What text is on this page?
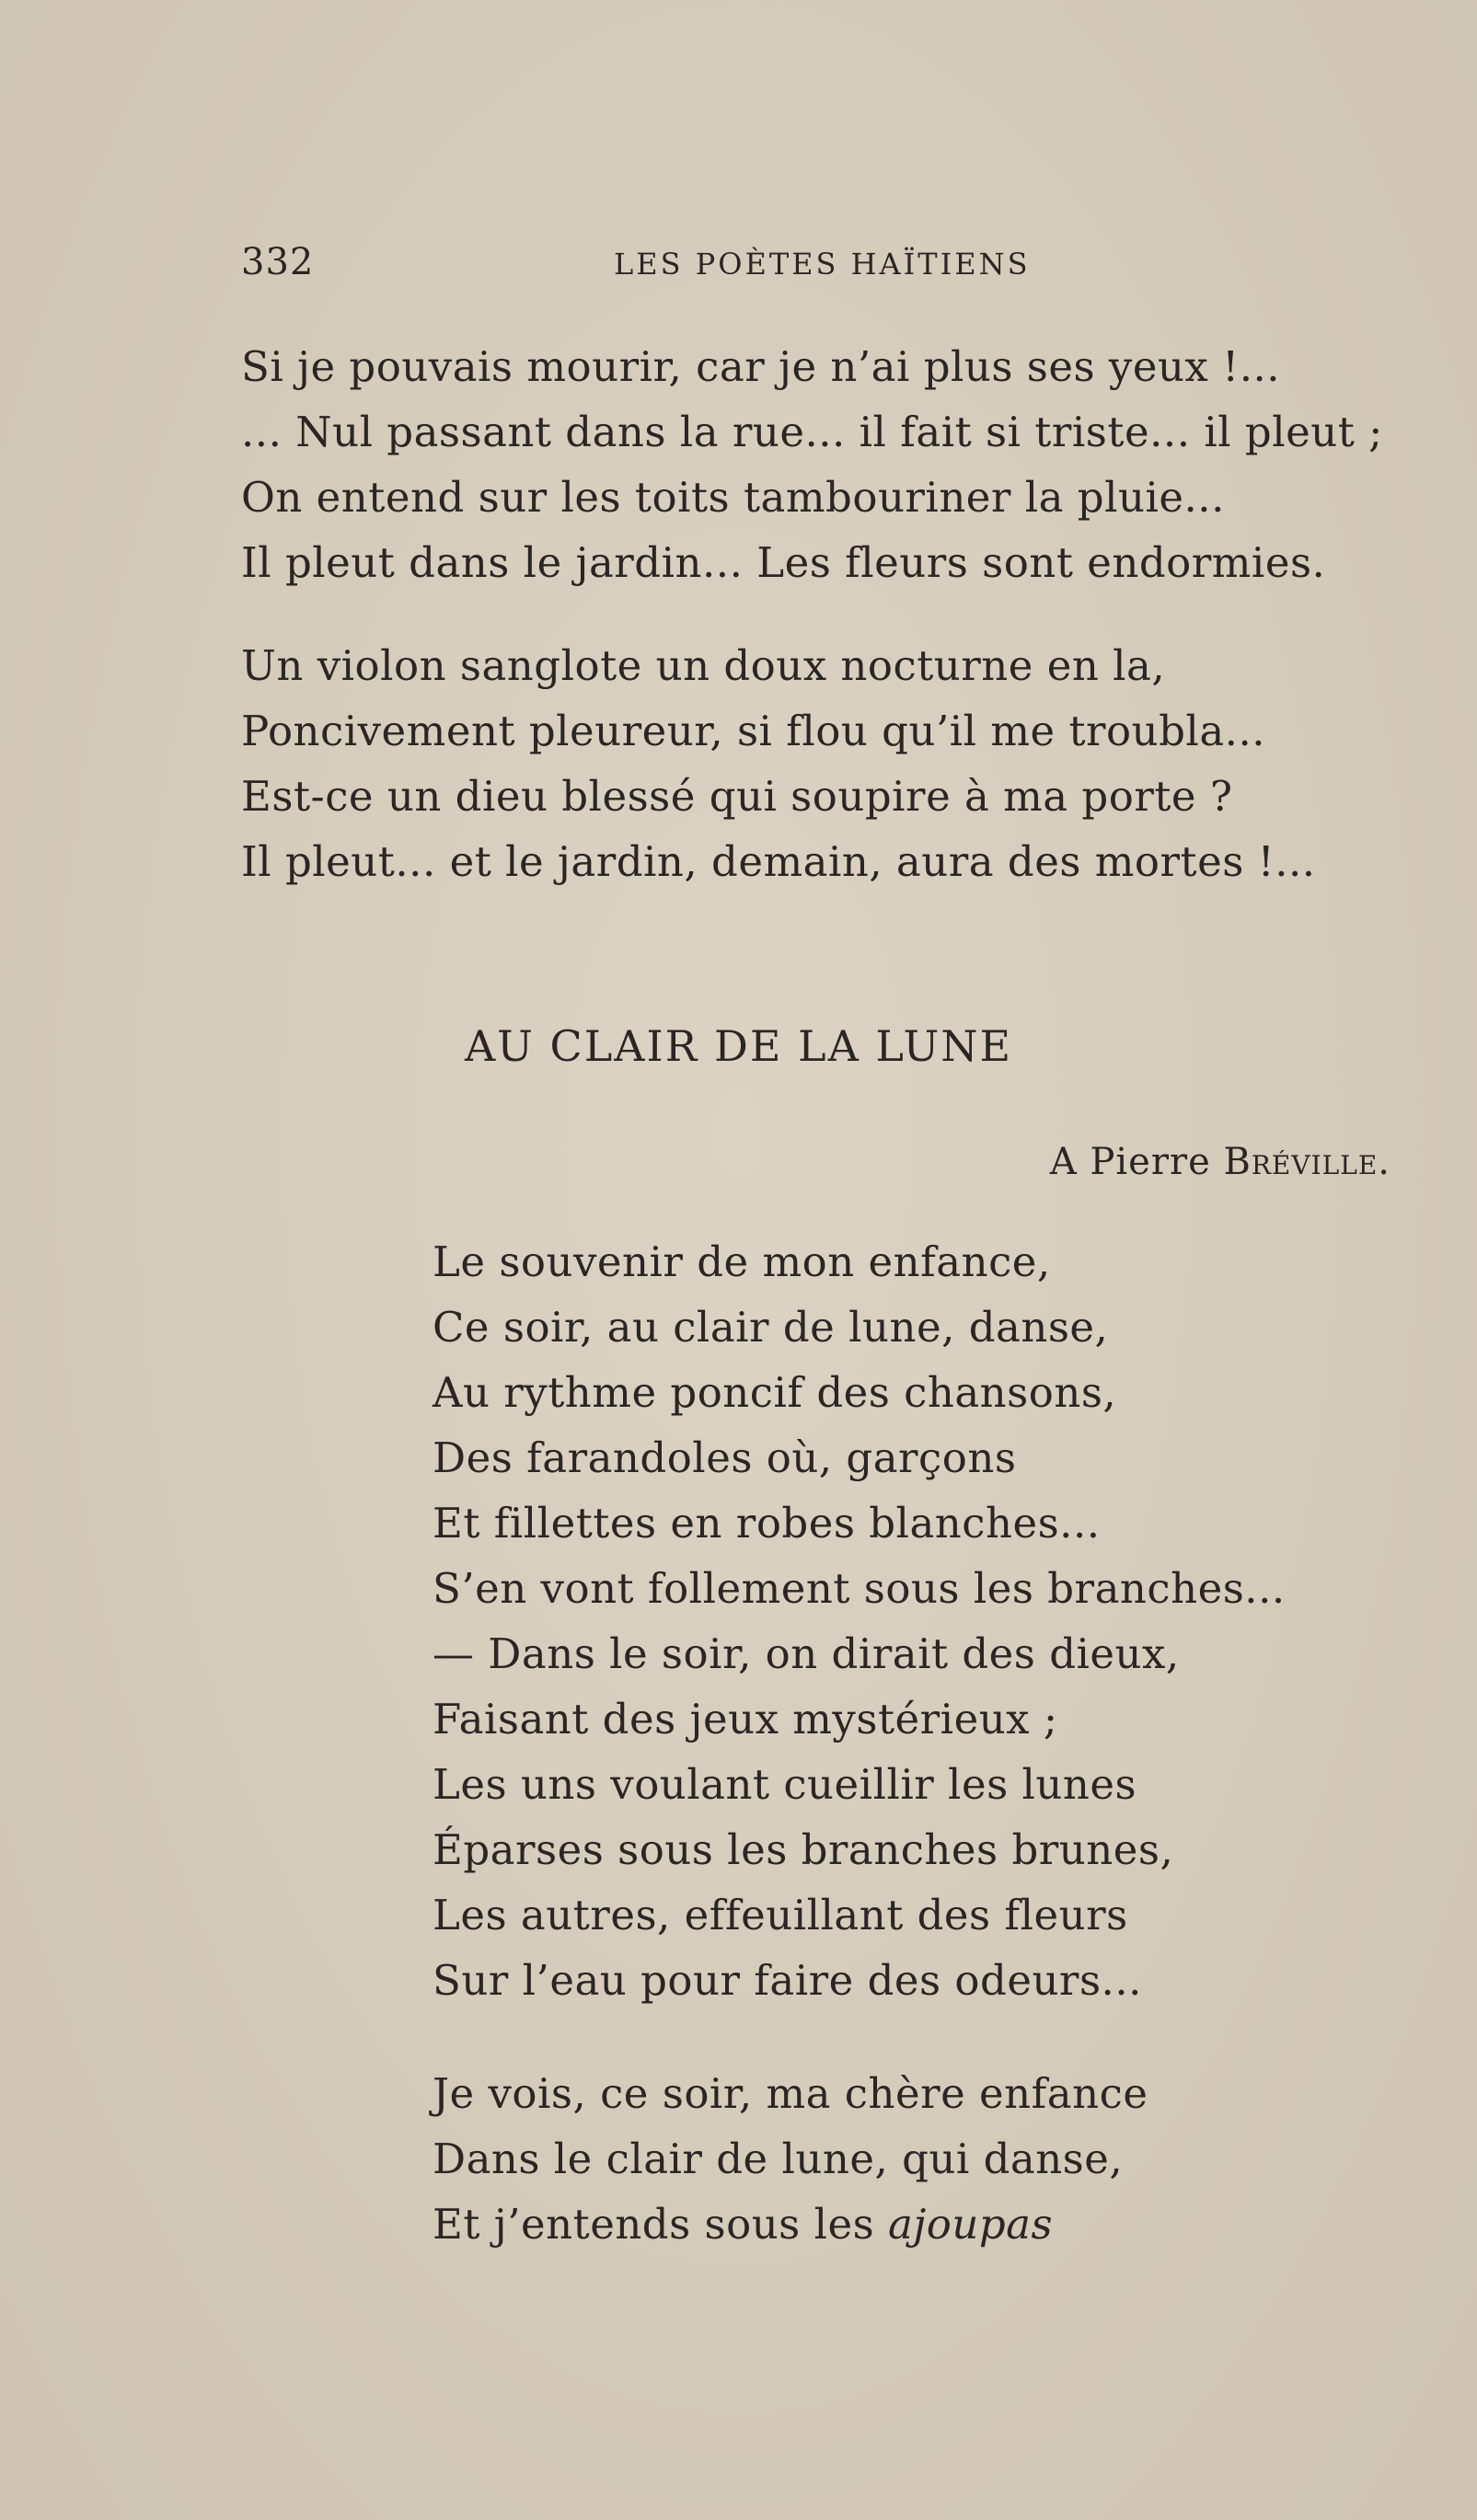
332	LES POÈTES HAÏTIENS
Si je pouvais mourir, car je n’ai plus ses yeux !...
... Nul passant dans la rue... il fait si triste... il pleut ;
On entend sur les toits tambouriner la pluie...
Il pleut dans le jardin... Les fleurs sont endormies.
Un violon sanglote un doux nocturne en la,
Poncivement pleureur, si flou qu’il me troubla...
Est-ce un dieu blessé qui soupire à ma porte ?
Il pleut... et le jardin, demain, aura des mortes !...
AU CLAIR DE LA LUNE
A Pierre Bréville.
Le souvenir de mon enfance,
Ce soir, au clair de lune, danse,
Au rythme poncif des chansons,
Des farandoles où, garçons
Et fillettes en robes blanches...
S’en vont follement sous les branches...
— Dans le soir, on dirait des dieux,
Faisant des jeux mystérieux ;
Les uns voulant cueillir les lunes
Éparses sous les branches brunes,
Les autres, effeuillant des fleurs
Sur l’eau pour faire des odeurs...
Je vois, ce soir, ma chère enfance
Dans le clair de lune, qui danse,
Et j’entends sous les ajoupas
